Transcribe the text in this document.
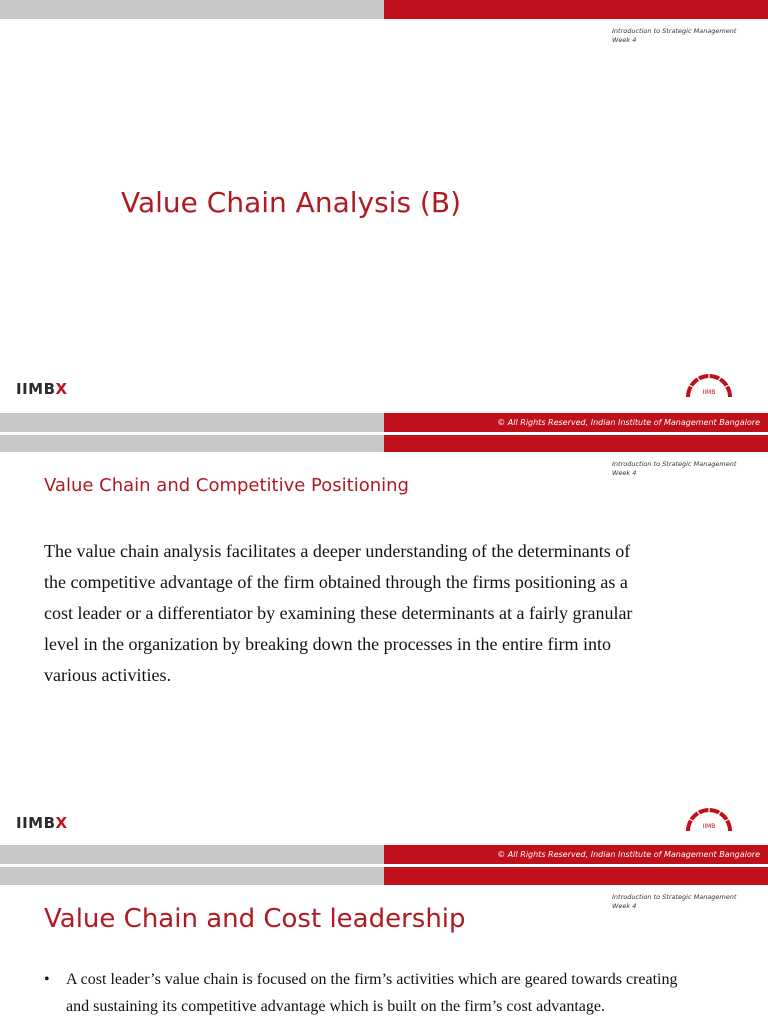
Introduction to Strategic Management
Week 4
Value Chain Analysis (B)
IIMBX	IIMB
© All Rights Reserved, Indian Institute of Management Bangalore
Introduction to Strategic Management
Week 4
Value Chain and Competitive Positioning
The value chain analysis facilitates a deeper understanding of the determinants of
the competitive advantage of the firm obtained through the firms positioning as a
cost leader or a differentiator by examining these determinants at a fairly granular
level in the organization by breaking down the processes in the entire firm into
various activities.
IIMBX	IIMB
© All Rights Reserved, Indian Institute of Management Bangalore
Introduction to Strategic Management
Week 4
Value Chain and Cost leadership
• A cost leader’s value chain is focused on the firm’s activities which are geared towards creating
and sustaining its competitive advantage which is built on the firm’s cost advantage.
